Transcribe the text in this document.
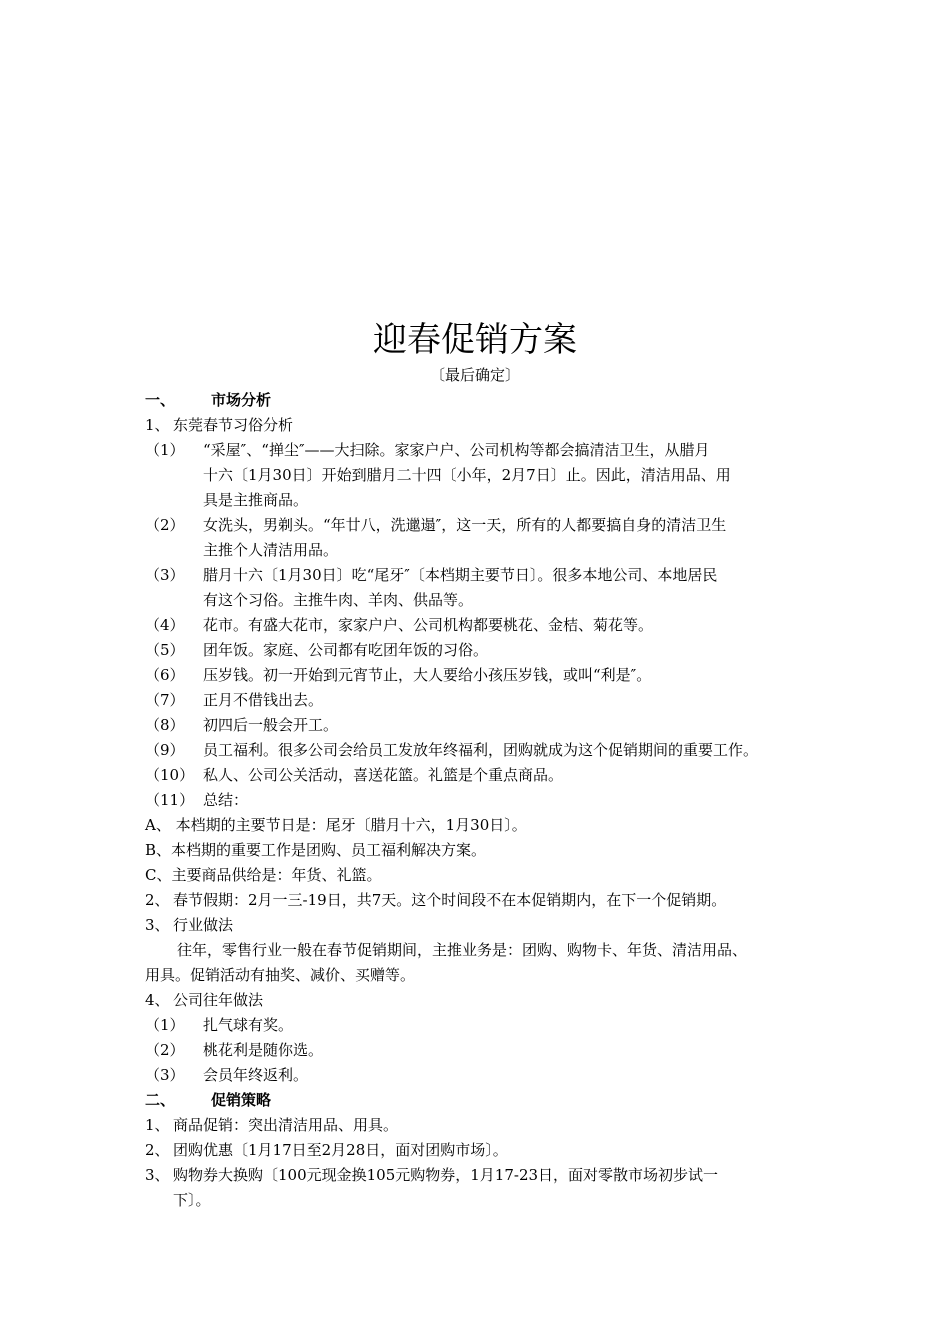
迎春促销方案
〔最后确定〕
一、 市场分析
1、 东莞春节习俗分析
（1）	“采屋″、“掸尘″——大扫除。家家户户、公司机构等都会搞清洁卫生，从腊月
十六〔1月30日〕开始到腊月二十四〔小年，2月7日〕止。因此，清洁用品、用
具是主推商品。
（2）	女洗头，男剃头。“年廿八，洗邋遢″，这一天，所有的人都要搞自身的清洁卫生
主推个人清洁用品。
（3）	腊月十六〔1月30日〕吃“尾牙″〔本档期主要节日〕。很多本地公司、本地居民
有这个习俗。主推牛肉、羊肉、供品等。
（4）	花市。有盛大花市，家家户户、公司机构都要桃花、金桔、菊花等。
（5）	团年饭。家庭、公司都有吃团年饭的习俗。
（6）	压岁钱。初一开始到元宵节止，大人要给小孩压岁钱，或叫“利是″。
（7）	正月不借钱出去。
（8）	初四后一般会开工。
（9）	员工福利。很多公司会给员工发放年终福利，团购就成为这个促销期间的重要工作。
（10） 私人、公司公关活动，喜送花篮。礼篮是个重点商品。
（11） 总结：
A、 本档期的主要节日是：尾牙〔腊月十六，1月30日〕。
B、本档期的重要工作是团购、员工福利解决方案。
C、主要商品供给是：年货、礼篮。
2、 春节假期：2月一三-19日，共7天。这个时间段不在本促销期内，在下一个促销期。
3、 行业做法
往年，零售行业一般在春节促销期间，主推业务是：团购、购物卡、年货、清洁用品、
用具。促销活动有抽奖、减价、买赠等。
4、 公司往年做法
（1）	扎气球有奖。
（2）	桃花利是随你选。
（3）	会员年终返利。
二、 促销策略
1、 商品促销：突出清洁用品、用具。
2、 团购优惠〔1月17日至2月28日，面对团购市场〕。
3、 购物券大换购〔100元现金换105元购物券，1月17-23日，面对零散市场初步试一
下〕。
